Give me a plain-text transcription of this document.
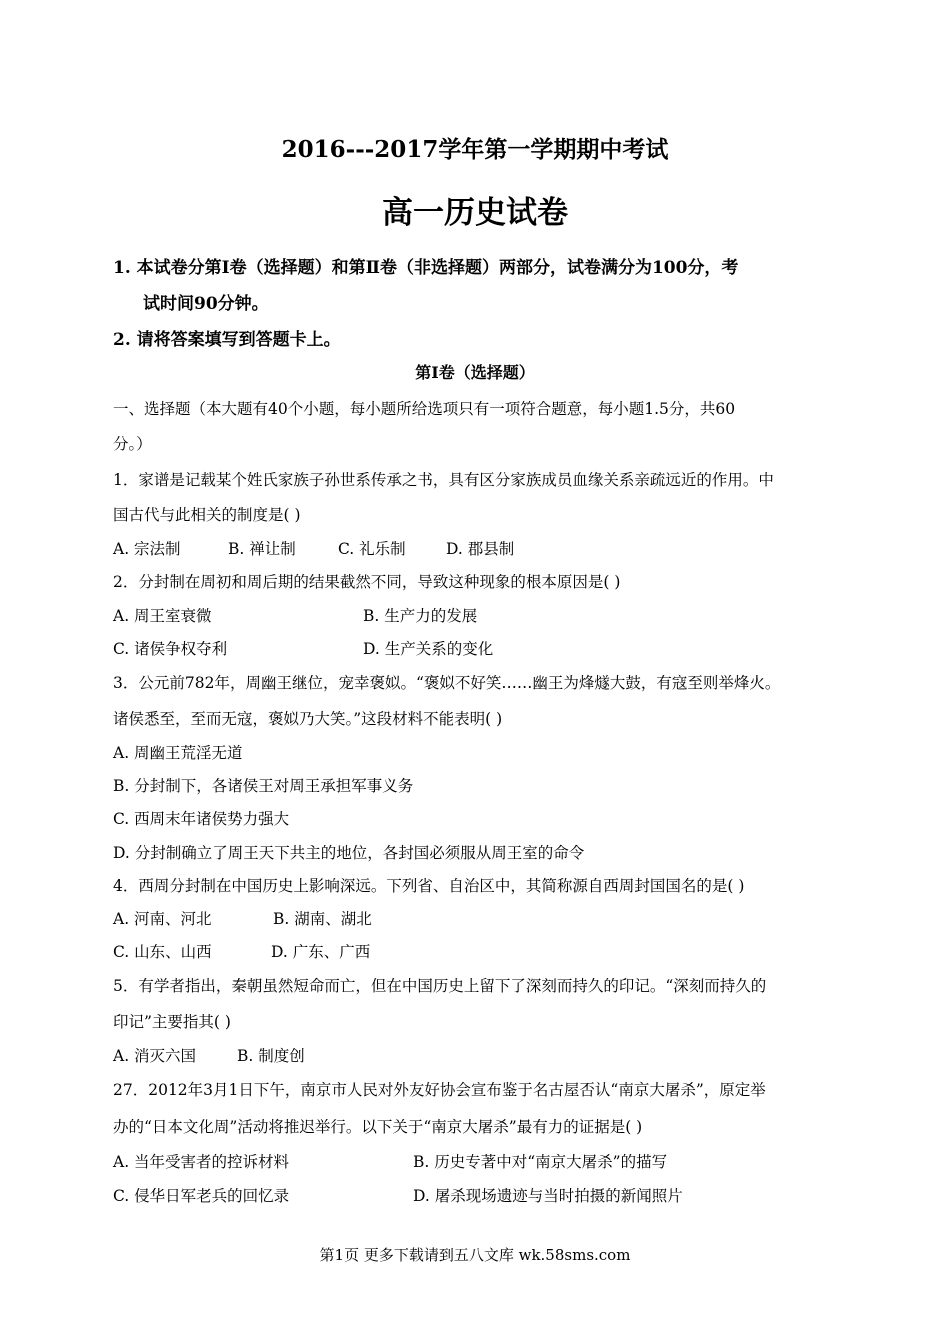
2016---2017学年第一学期期中考试
高一历史试卷
1. 本试卷分第Ⅰ卷（选择题）和第Ⅱ卷（非选择题）两部分，试卷满分为100分，考
试时间90分钟。
2. 请将答案填写到答题卡上。
第Ⅰ卷（选择题）
一、选择题（本大题有40个小题，每小题所给选项只有一项符合题意，每小题1.5分，共60
分。）
1．家谱是记载某个姓氏家族子孙世系传承之书，具有区分家族成员血缘关系亲疏远近的作用。中
国古代与此相关的制度是( )
A. 宗法制	B. 禅让制	C. 礼乐制	D. 郡县制
2．分封制在周初和周后期的结果截然不同，导致这种现象的根本原因是( )
A. 周王室衰微	B. 生产力的发展
C. 诸侯争权夺利	D. 生产关系的变化
3．公元前782年，周幽王继位，宠幸褒姒。“褒姒不好笑……幽王为烽燧大鼓，有寇至则举烽火。
诸侯悉至，至而无寇，褒姒乃大笑。”这段材料不能表明( )
A. 周幽王荒淫无道
B. 分封制下，各诸侯王对周王承担军事义务
C. 西周末年诸侯势力强大
D. 分封制确立了周王天下共主的地位，各封国必须服从周王室的命令
4．西周分封制在中国历史上影响深远。下列省、自治区中，其简称源自西周封国国名的是( )
A. 河南、河北	B. 湖南、湖北
C. 山东、山西	D. 广东、广西
5．有学者指出，秦朝虽然短命而亡，但在中国历史上留下了深刻而持久的印记。“深刻而持久的
印记”主要指其( )
A. 消灭六国	B. 制度创
27．2012年3月1日下午，南京市人民对外友好协会宣布鉴于名古屋否认“南京大屠杀”，原定举
办的“日本文化周”活动将推迟举行。以下关于“南京大屠杀”最有力的证据是( )
A. 当年受害者的控诉材料	B. 历史专著中对“南京大屠杀”的描写
C. 侵华日军老兵的回忆录	D. 屠杀现场遗迹与当时拍摄的新闻照片
第1页 更多下载请到五八文库 wk.58sms.com
